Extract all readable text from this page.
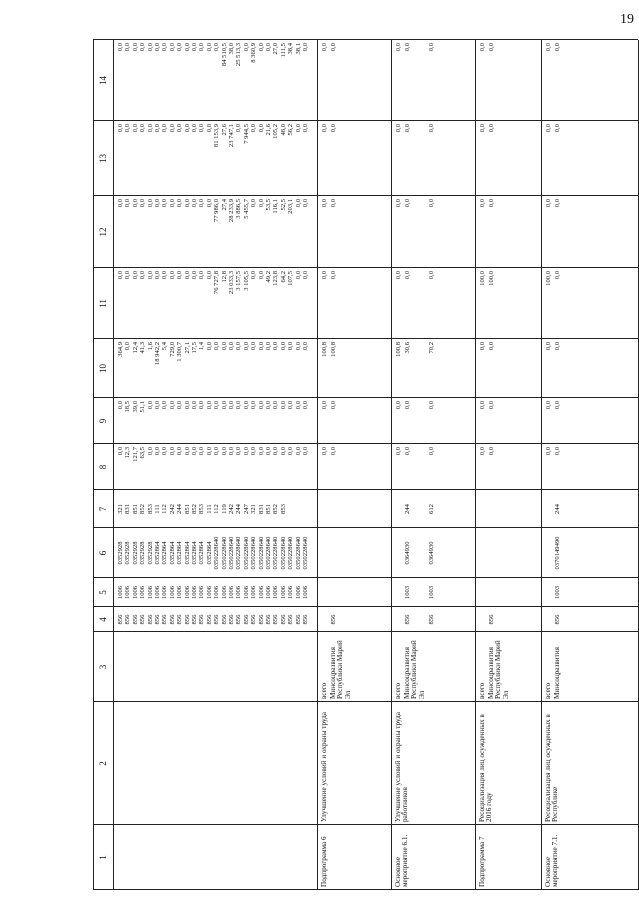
19
1
2
3
4
5
6
7
8
9
10
11
12
13
14
856 856 856 856 856 856 856 856 856 856 856 856 856 856 856 856 856 856 856 856 856 856 856 856 856 856
1006 1006 1006 1006 1006 1006 1006 1006 1006 1006 1006 1006 1006 1006 1006 1006 1006 1006 1006 1006 1006 1006 1006 1006 1006 1006
0352928 0352928 0352928 0352928 0352928 0352864 0352864 0352864 0352864 0352864 0352864 0352864 0352864 0350228640 0350228640 0350228640 0350228640 0350228640 0350228640 0350228640 0350228640 0350228640 0350228640 0350228640 0350228640 0350228640
321 831 851 852 853 111 112 242 244 851 852 853 111 112 119 242 244 247 321 831 851 852 853
0,0 12,3 121,7 63,5 0,0 0,0 0,0 0,0 0,0 0,0 0,0 0,0 0,0 0,0 0,0 0,0 0,0 0,0 0,0 0,0 0,0 0,0 0,0 0,0 0,0 0,0
0,0 18,5 39,0 51,1 0,0 0,0 0,0 0,0 0,0 0,0 0,0 0,0 0,0 0,0 0,0 0,0 0,0 0,0 0,0 0,0 0,0 0,0 0,0 0,0 0,0 0,0
364,9 0,0 12,4 41,3 1,6 18 942,2 5,4 729,0 1 300,7 27,1 17,5 1,4 0,0 0,0 0,0 0,0 0,0 0,0 0,0 0,0 0,0 0,0 0,0 0,0 0,0 0,0
0,0 0,0 0,0 0,0 0,0 0,0 0,0 0,0 0,0 0,0 0,0 0,0 0,0 76 727,8 12,8 23 033,3 3 157,5 3 105,5 0,0 0,0 49,2 123,8 64,2 107,5 0,0 0,0
0,0 0,0 0,0 0,0 0,0 0,0 0,0 0,0 0,0 0,0 0,0 0,0 0,0 77 986,0 27,4 28 233,9 3 886,5 5 455,7 0,0 0,0 53,5 116,1 52,5 203,1 0,0 0,0
0,0 0,0 0,0 0,0 0,0 0,0 0,0 0,0 0,0 0,0 0,0 0,0 0,0 81 153,9 27,6 23 747,1 0,0 7 944,5 0,0 0,0 21,6 105,2 48,0 56,2 0,0 0,0
0,0 0,0 0,0 0,0 0,0 0,0 0,0 0,0 0,0 0,0 0,0 0,0 0,0 0,0 84 510,5 38,0 25 513,3 0,0 8 360,9 0,0 0,0 27,0 111,5 38,4 38,1 0,0
Подпрограмма 6
Улучшение условий и охраны труда
всего
0,0
0,0
100,8
0,0
0,0
0,0
0,0
Минсоцразвития Республики Марий Эл
856
0,0
0,0
100,8
0,0
0,0
0,0
0,0
Основное мероприятие 6.1.
Улучшение условий и охраны труда работников
всего
0,0
0,0
100,8
0,0
0,0
0,0
0,0
Минсоцразвития Республики Марий Эл
856
1003
0364930
244
0,0
0,0
30,6
0,0
0,0
0,0
0,0
856
1003
0364930
612
0,0
0,0
70,2
0,0
0,0
0,0
0,0
Подпрограмма 7
Ресоциализация лиц осужденных в 2016 году
всего
0,0
0,0
0,0
100,0
0,0
0,0
0,0
Минсоцразвития Республики Марий Эл
856
0,0
0,0
0,0
100,0
0,0
0,0
0,0
Основное мероприятие 7.1.
Ресоциализация лиц осужденных в Республике
всего
0,0
0,0
0,0
100,0
0,0
0,0
0,0
Минсоцразвития
856
1003
0370149490
244
0,0
0,0
0,0
0,0
0,0
0,0
0,0
